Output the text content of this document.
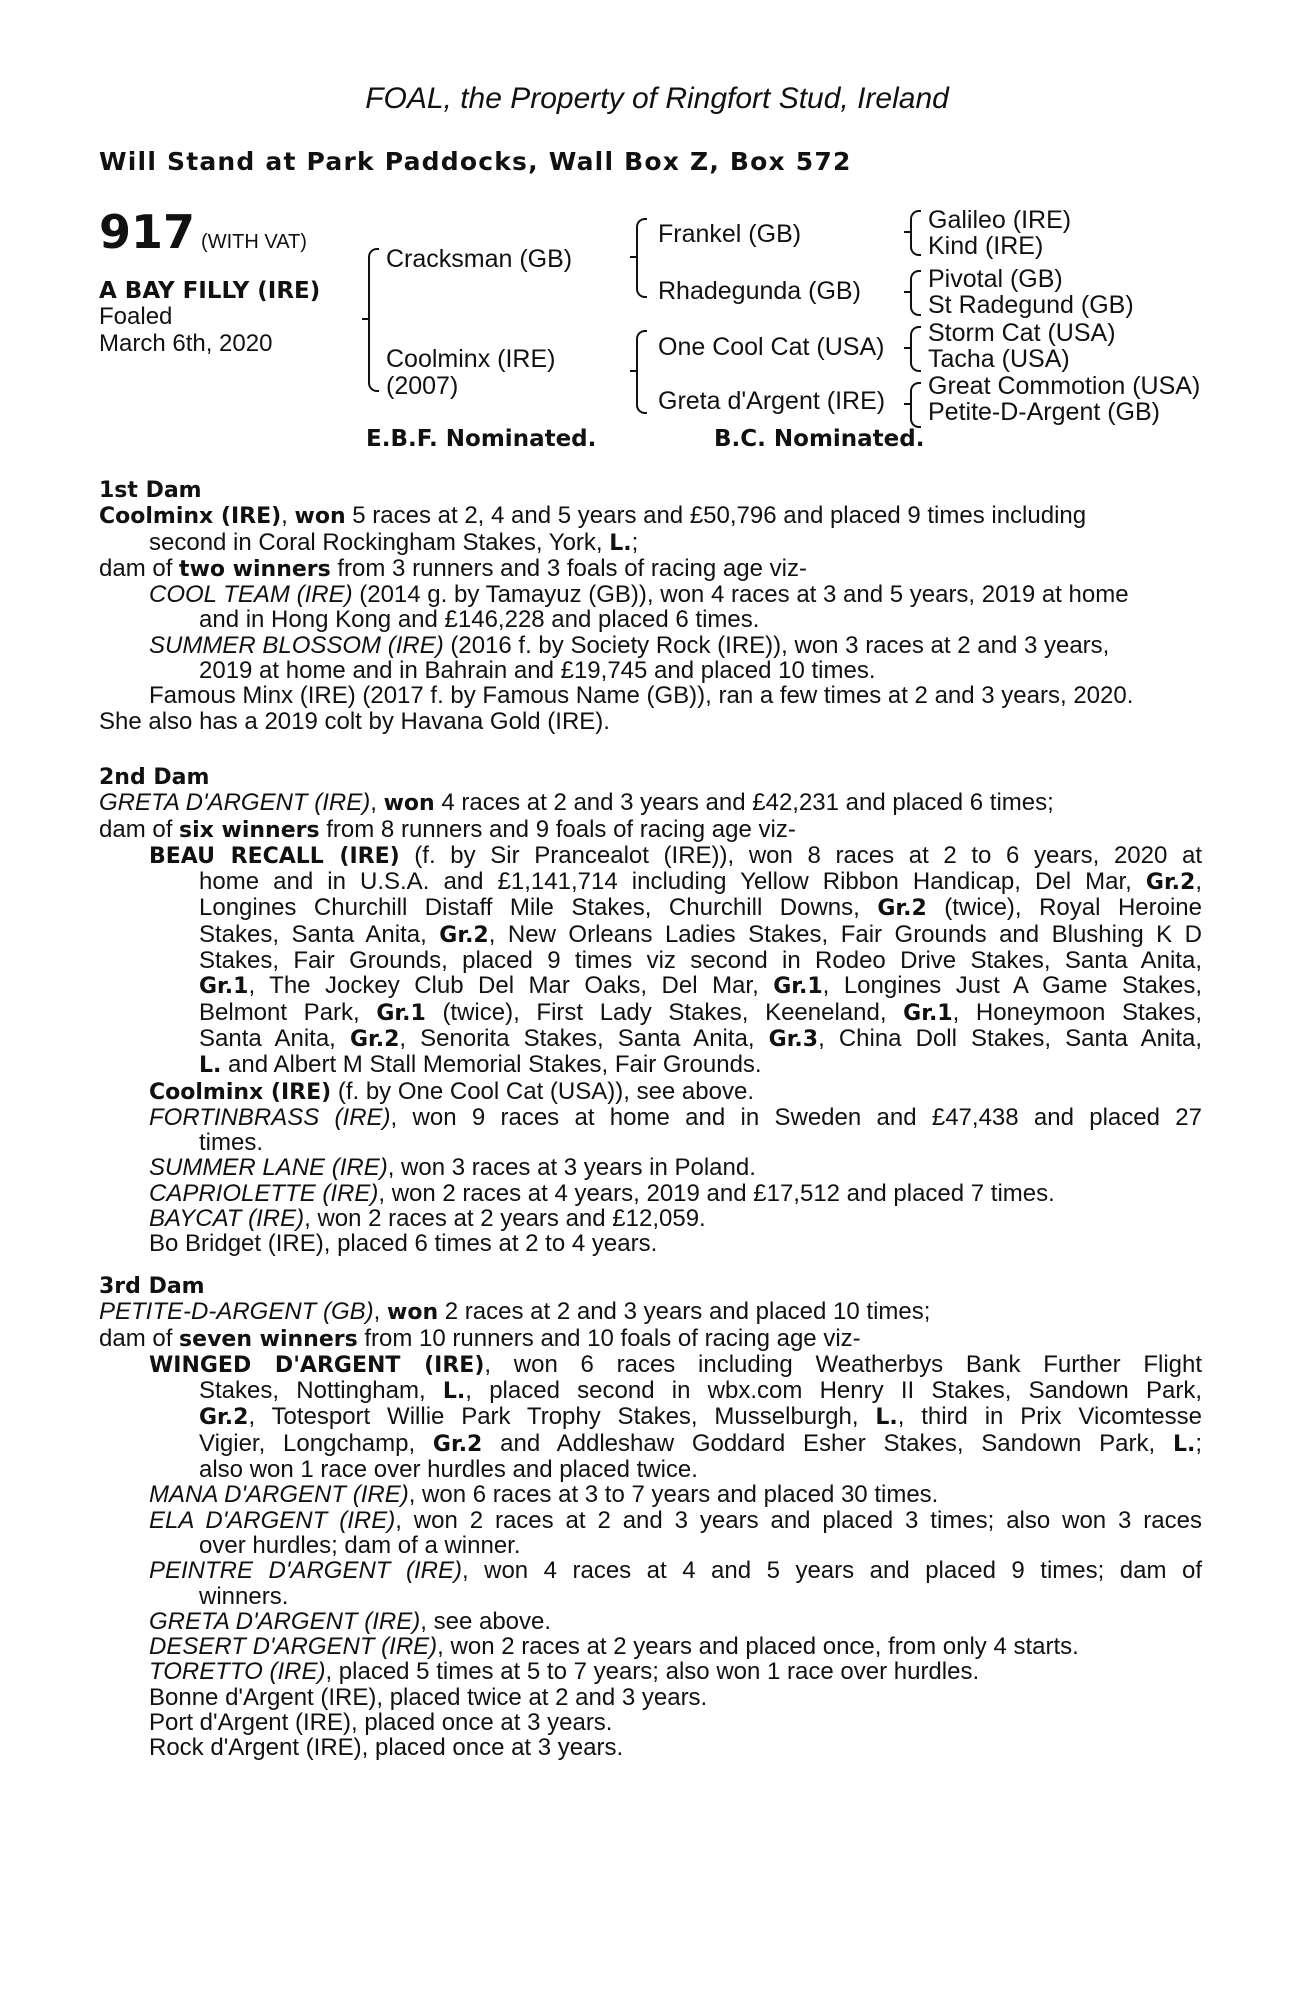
FOAL, the Property of Ringfort Stud, Ireland
Will Stand at Park Paddocks, Wall Box Z, Box 572
917 (WITH VAT)
A BAY FILLY (IRE)
Foaled
March 6th, 2020
Cracksman (GB)
Coolminx (IRE)
(2007)
Frankel (GB)
Rhadegunda (GB)
One Cool Cat (USA)
Greta d'Argent (IRE)
Galileo (IRE)
Kind (IRE)
Pivotal (GB)
St Radegund (GB)
Storm Cat (USA)
Tacha (USA)
Great Commotion (USA)
Petite-D-Argent (GB)
E.B.F. Nominated.	B.C. Nominated.
1st Dam
Coolminx (IRE), won 5 races at 2, 4 and 5 years and £50,796 and placed 9 times including
second in Coral Rockingham Stakes, York, L.;
dam of two winners from 3 runners and 3 foals of racing age viz-
COOL TEAM (IRE) (2014 g. by Tamayuz (GB)), won 4 races at 3 and 5 years, 2019 at home
and in Hong Kong and £146,228 and placed 6 times.
SUMMER BLOSSOM (IRE) (2016 f. by Society Rock (IRE)), won 3 races at 2 and 3 years,
2019 at home and in Bahrain and £19,745 and placed 10 times.
Famous Minx (IRE) (2017 f. by Famous Name (GB)), ran a few times at 2 and 3 years, 2020.
She also has a 2019 colt by Havana Gold (IRE).
2nd Dam
GRETA D'ARGENT (IRE), won 4 races at 2 and 3 years and £42,231 and placed 6 times;
dam of six winners from 8 runners and 9 foals of racing age viz-
BEAU RECALL (IRE) (f. by Sir Prancealot (IRE)), won 8 races at 2 to 6 years, 2020 at
home and in U.S.A. and £1,141,714 including Yellow Ribbon Handicap, Del Mar, Gr.2,
Longines Churchill Distaff Mile Stakes, Churchill Downs, Gr.2 (twice), Royal Heroine
Stakes, Santa Anita, Gr.2, New Orleans Ladies Stakes, Fair Grounds and Blushing K D
Stakes, Fair Grounds, placed 9 times viz second in Rodeo Drive Stakes, Santa Anita,
Gr.1, The Jockey Club Del Mar Oaks, Del Mar, Gr.1, Longines Just A Game Stakes,
Belmont Park, Gr.1 (twice), First Lady Stakes, Keeneland, Gr.1, Honeymoon Stakes,
Santa Anita, Gr.2, Senorita Stakes, Santa Anita, Gr.3, China Doll Stakes, Santa Anita,
L. and Albert M Stall Memorial Stakes, Fair Grounds.
Coolminx (IRE) (f. by One Cool Cat (USA)), see above.
FORTINBRASS (IRE), won 9 races at home and in Sweden and £47,438 and placed 27
times.
SUMMER LANE (IRE), won 3 races at 3 years in Poland.
CAPRIOLETTE (IRE), won 2 races at 4 years, 2019 and £17,512 and placed 7 times.
BAYCAT (IRE), won 2 races at 2 years and £12,059.
Bo Bridget (IRE), placed 6 times at 2 to 4 years.
3rd Dam
PETITE-D-ARGENT (GB), won 2 races at 2 and 3 years and placed 10 times;
dam of seven winners from 10 runners and 10 foals of racing age viz-
WINGED D'ARGENT (IRE), won 6 races including Weatherbys Bank Further Flight
Stakes, Nottingham, L., placed second in wbx.com Henry II Stakes, Sandown Park,
Gr.2, Totesport Willie Park Trophy Stakes, Musselburgh, L., third in Prix Vicomtesse
Vigier, Longchamp, Gr.2 and Addleshaw Goddard Esher Stakes, Sandown Park, L.;
also won 1 race over hurdles and placed twice.
MANA D'ARGENT (IRE), won 6 races at 3 to 7 years and placed 30 times.
ELA D'ARGENT (IRE), won 2 races at 2 and 3 years and placed 3 times; also won 3 races
over hurdles; dam of a winner.
PEINTRE D'ARGENT (IRE), won 4 races at 4 and 5 years and placed 9 times; dam of
winners.
GRETA D'ARGENT (IRE), see above.
DESERT D'ARGENT (IRE), won 2 races at 2 years and placed once, from only 4 starts.
TORETTO (IRE), placed 5 times at 5 to 7 years; also won 1 race over hurdles.
Bonne d'Argent (IRE), placed twice at 2 and 3 years.
Port d'Argent (IRE), placed once at 3 years.
Rock d'Argent (IRE), placed once at 3 years.
